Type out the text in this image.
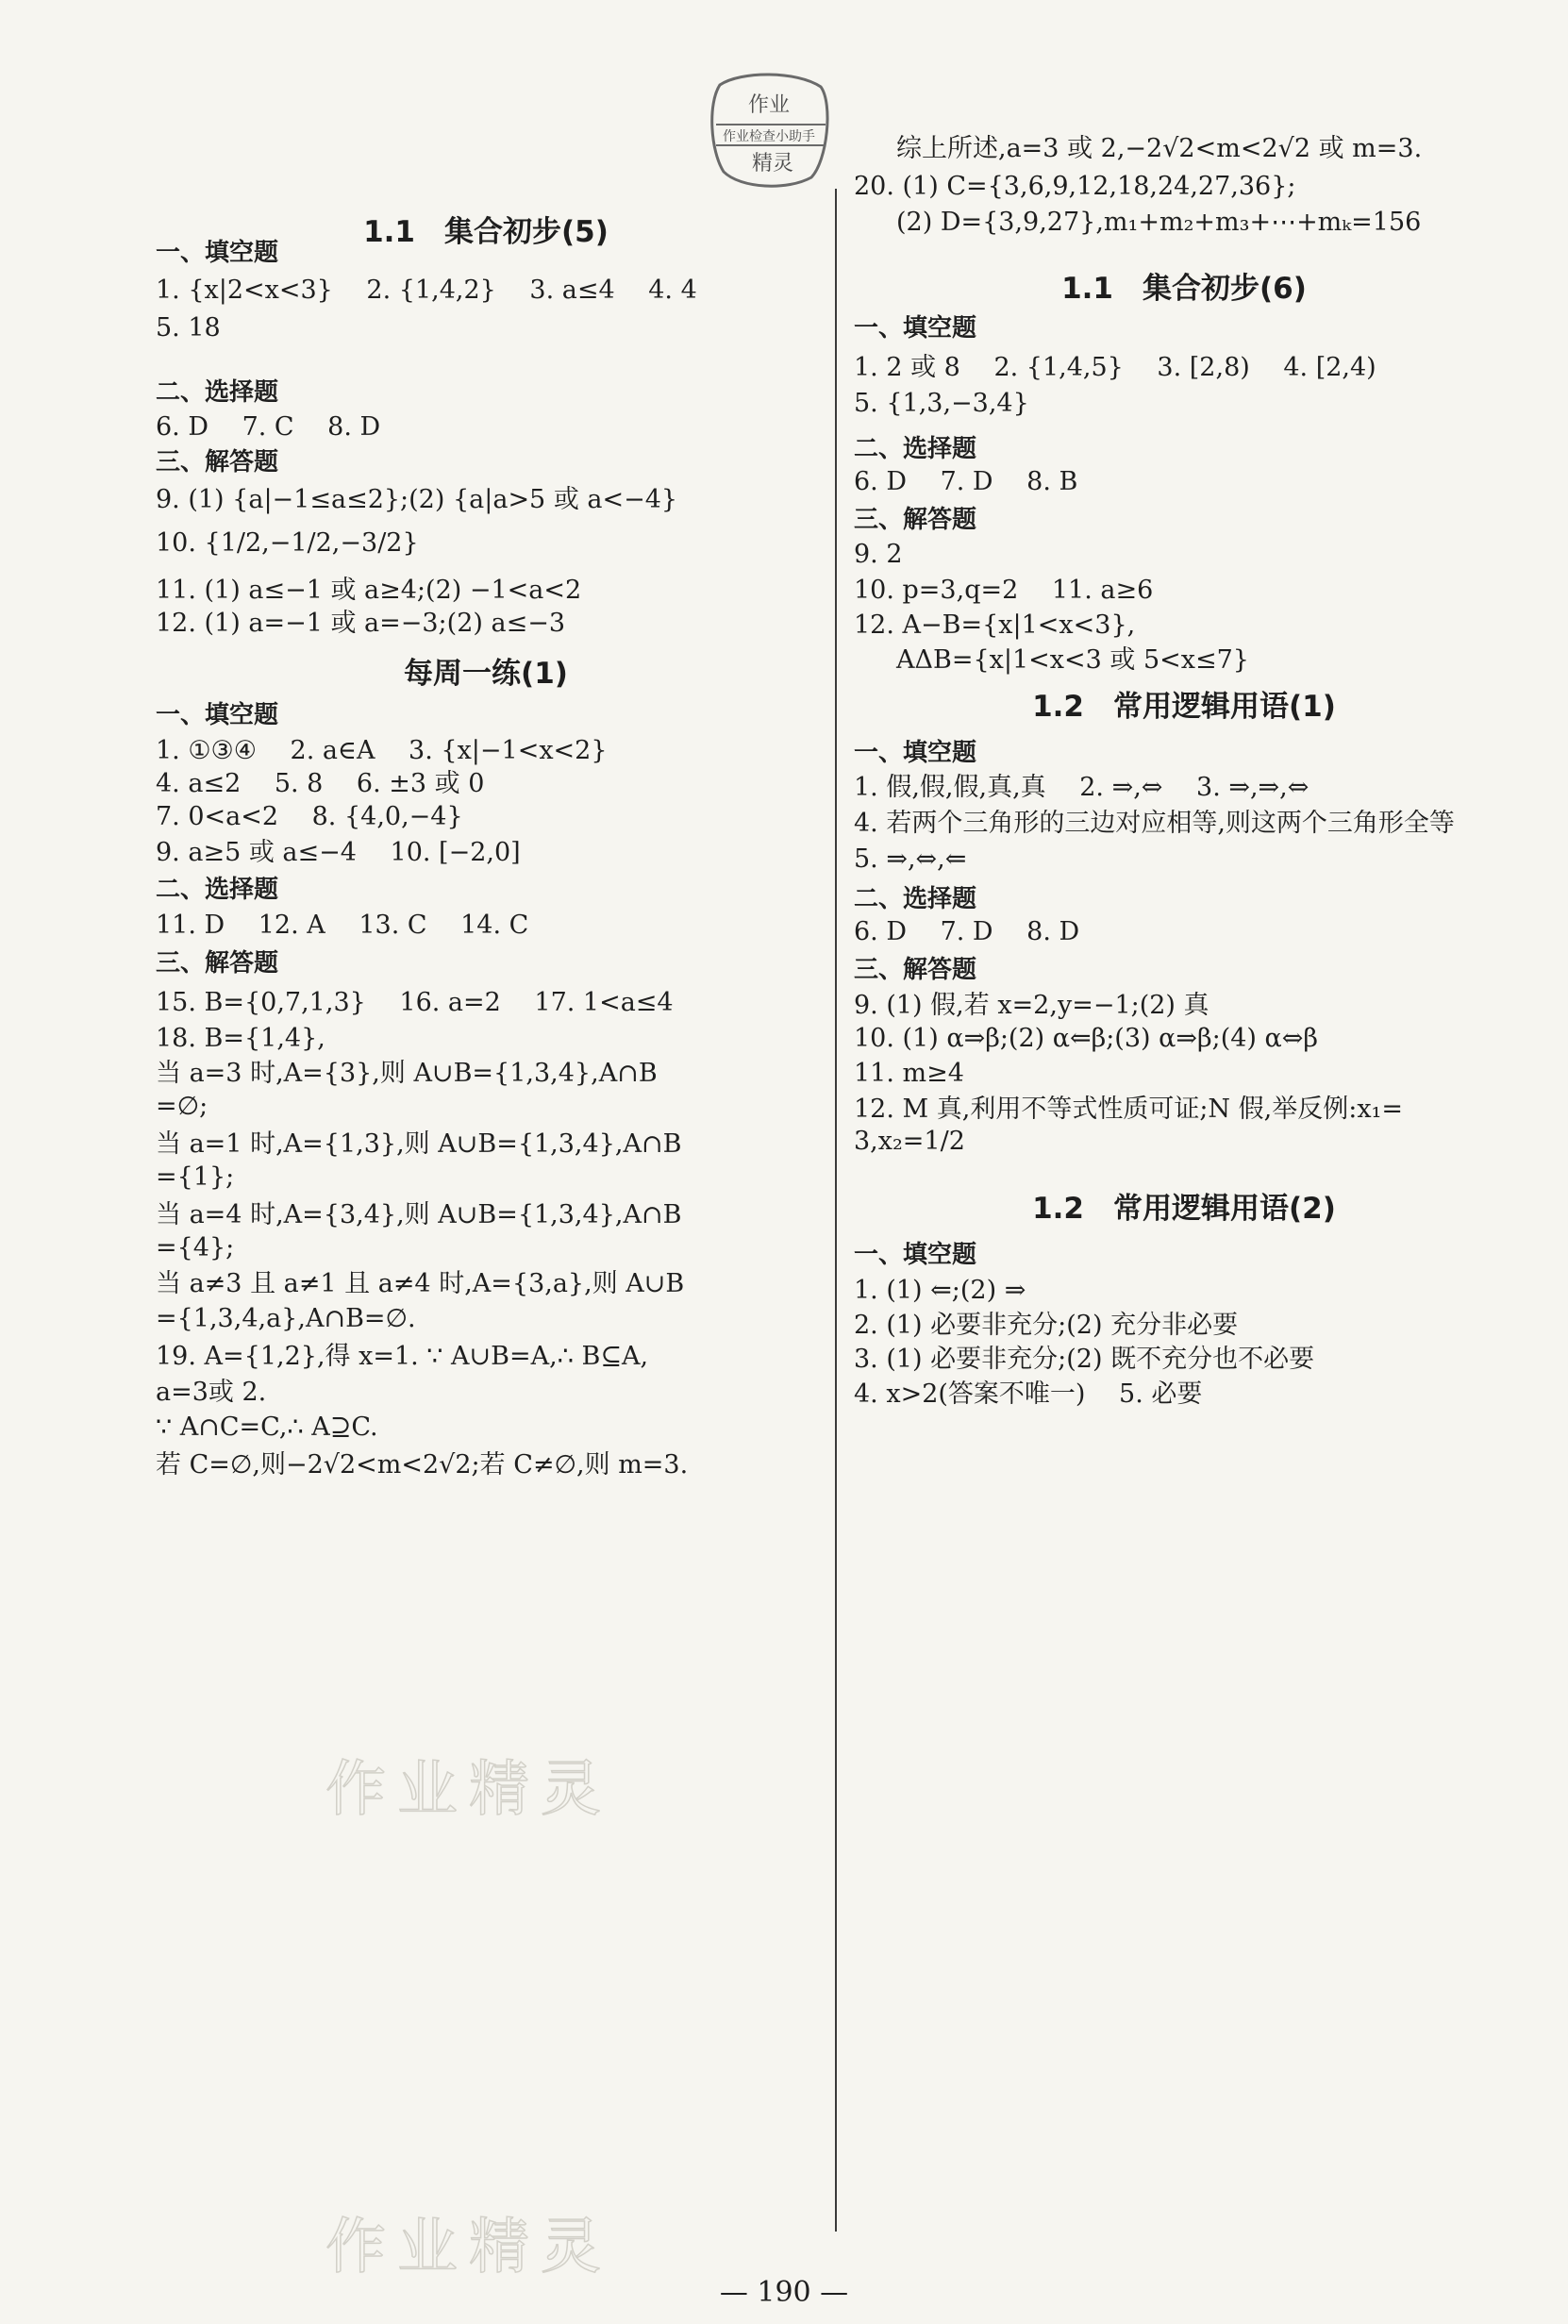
作业
作业检查小助手
精灵
1.1　集合初步(5)
一、填空题
1. {x|2<x<3}　 2. {1,4,2}　 3. a≤4　 4. 4
5. 18
二、选择题
6. D　 7. C　 8. D
三、解答题
9. (1) {a|−1≤a≤2};(2) {a|a>5 或 a<−4}
10. {1/2,−1/2,−3/2}
11. (1) a≤−1 或 a≥4;(2) −1<a<2
12. (1) a=−1 或 a=−3;(2) a≤−3
每周一练(1)
一、填空题
1. ①③④　 2. a∈A　 3. {x|−1<x<2}
4. a≤2　 5. 8　 6. ±3 或 0
7. 0<a<2　 8. {4,0,−4}
9. a≥5 或 a≤−4　 10. [−2,0]
二、选择题
11. D　 12. A　 13. C　 14. C
三、解答题
15. B={0,7,1,3}　 16. a=2　 17. 1<a≤4
18. B={1,4},
当 a=3 时,A={3},则 A∪B={1,3,4},A∩B
=∅;
当 a=1 时,A={1,3},则 A∪B={1,3,4},A∩B
={1};
当 a=4 时,A={3,4},则 A∪B={1,3,4},A∩B
={4};
当 a≠3 且 a≠1 且 a≠4 时,A={3,a},则 A∪B
={1,3,4,a},A∩B=∅.
19. A={1,2},得 x=1. ∵ A∪B=A,∴ B⊆A,
a=3或 2.
∵ A∩C=C,∴ A⊇C.
若 C=∅,则−2√2<m<2√2;若 C≠∅,则 m=3.
综上所述,a=3 或 2,−2√2<m<2√2 或 m=3.
20. (1) C={3,6,9,12,18,24,27,36};
(2) D={3,9,27},m₁+m₂+m₃+⋯+mₖ=156
1.1　集合初步(6)
一、填空题
1. 2 或 8　 2. {1,4,5}　 3. [2,8)　 4. [2,4)
5. {1,3,−3,4}
二、选择题
6. D　 7. D　 8. B
三、解答题
9. 2
10. p=3,q=2　 11. a≥6
12. A−B={x|1<x<3},
AΔB={x|1<x<3 或 5<x≤7}
1.2　常用逻辑用语(1)
一、填空题
1. 假,假,假,真,真　 2. ⇒,⇔　 3. ⇒,⇒,⇔
4. 若两个三角形的三边对应相等,则这两个三角形全等
5. ⇒,⇔,⇐
二、选择题
6. D　 7. D　 8. D
三、解答题
9. (1) 假,若 x=2,y=−1;(2) 真
10. (1) α⇒β;(2) α⇐β;(3) α⇒β;(4) α⇔β
11. m≥4
12. M 真,利用不等式性质可证;N 假,举反例:x₁=
3,x₂=1/2
1.2　常用逻辑用语(2)
一、填空题
1. (1) ⇐;(2) ⇒
2. (1) 必要非充分;(2) 充分非必要
3. (1) 必要非充分;(2) 既不充分也不必要
4. x>2(答案不唯一)　 5. 必要
作业精灵
作业精灵
— 190 —
